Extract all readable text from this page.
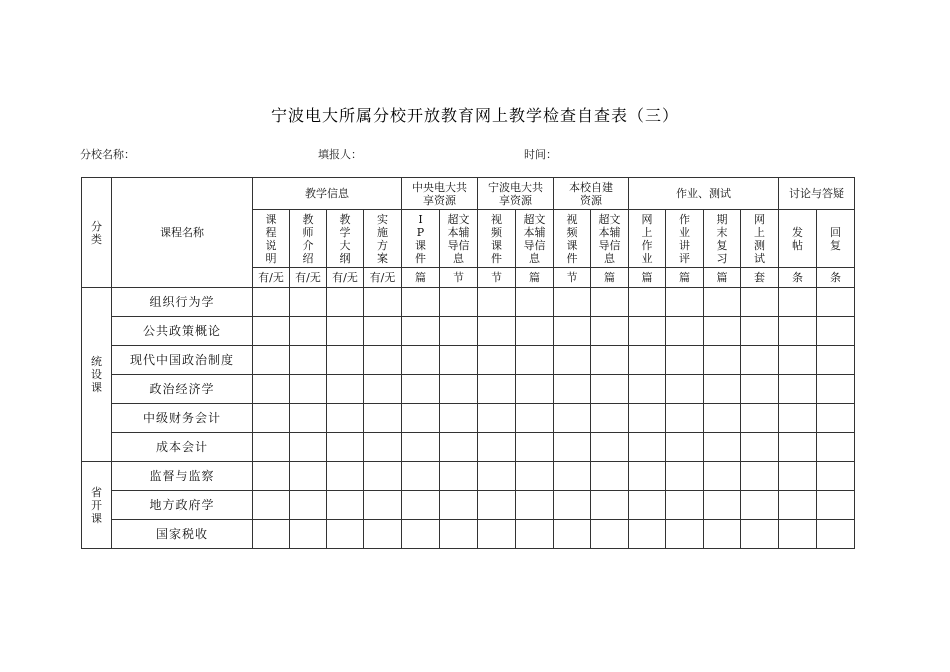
宁波电大所属分校开放教育网上教学检查自查表（三）
分校名称：	填报人：	时间：
分类	课程名称	教学信息				中央电大共享资源		宁波电大共享资源		本校自建资源		作业、测试				讨论与答疑	
		课程说明	教师介绍	教学大纲	实施方案	IP课件	超文本辅导信息	视频课件	超文本辅导信息	视频课件	超文本辅导信息	网上作业	作业讲评	期末复习	网上测试	发帖	回复
		有/无	有/无	有/无	有/无	篇	节	节	篇	节	篇	篇	篇	篇	套	条	条
统设课	组织行为学																
	公共政策概论																
	现代中国政治制度																
	政治经济学																
	中级财务会计																
	成本会计																
省开课	监督与监察																
	地方政府学																
	国家税收																
